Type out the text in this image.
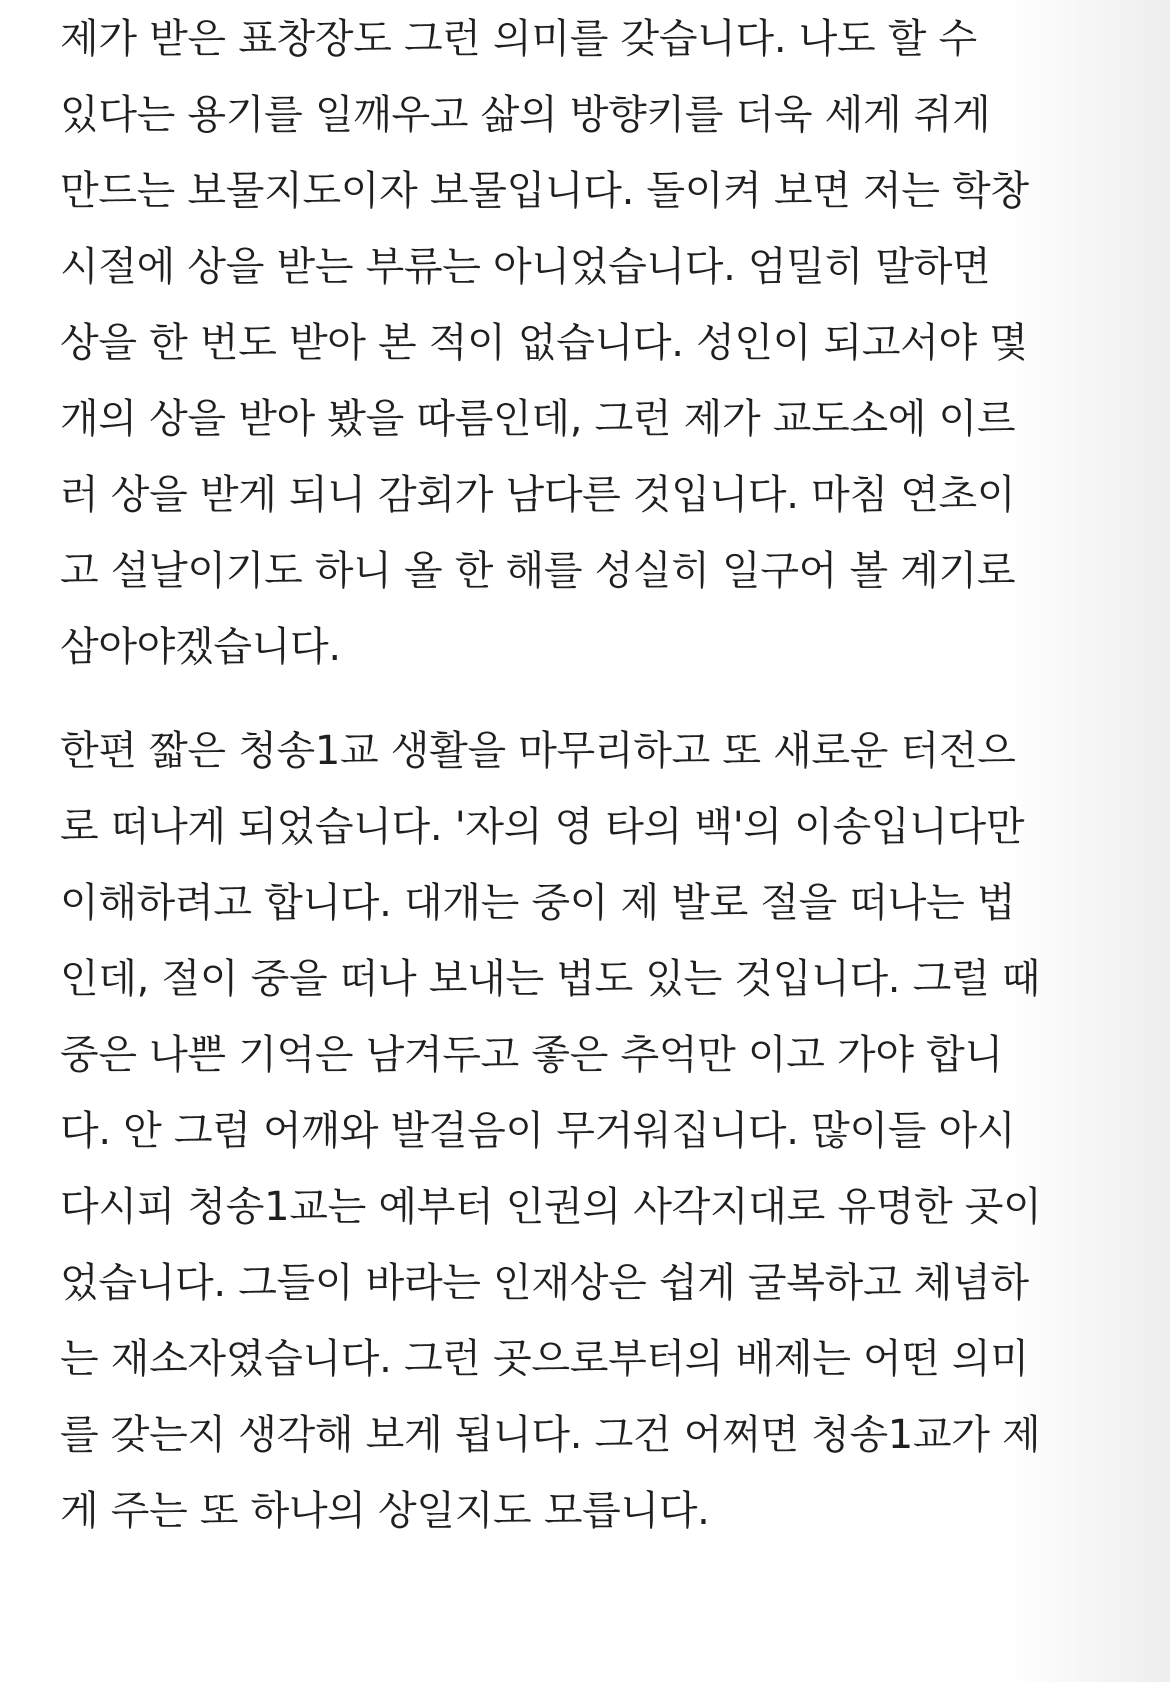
제가 받은 표창장도 그런 의미를 갖습니다. 나도 할 수
있다는 용기를 일깨우고 삶의 방향키를 더욱 세게 쥐게
만드는 보물지도이자 보물입니다. 돌이켜 보면 저는 학창
시절에 상을 받는 부류는 아니었습니다. 엄밀히 말하면
상을 한 번도 받아 본 적이 없습니다. 성인이 되고서야 몇
개의 상을 받아 봤을 따름인데, 그런 제가 교도소에 이르
러 상을 받게 되니 감회가 남다른 것입니다. 마침 연초이
고 설날이기도 하니 올 한 해를 성실히 일구어 볼 계기로
삼아야겠습니다.
한편 짧은 청송1교 생활을 마무리하고 또 새로운 터전으
로 떠나게 되었습니다. '자의 영 타의 백'의 이송입니다만
이해하려고 합니다. 대개는 중이 제 발로 절을 떠나는 법
인데, 절이 중을 떠나 보내는 법도 있는 것입니다. 그럴 때
중은 나쁜 기억은 남겨두고 좋은 추억만 이고 가야 합니
다. 안 그럼 어깨와 발걸음이 무거워집니다. 많이들 아시
다시피 청송1교는 예부터 인권의 사각지대로 유명한 곳이
었습니다. 그들이 바라는 인재상은 쉽게 굴복하고 체념하
는 재소자였습니다. 그런 곳으로부터의 배제는 어떤 의미
를 갖는지 생각해 보게 됩니다. 그건 어쩌면 청송1교가 제
게 주는 또 하나의 상일지도 모릅니다.
